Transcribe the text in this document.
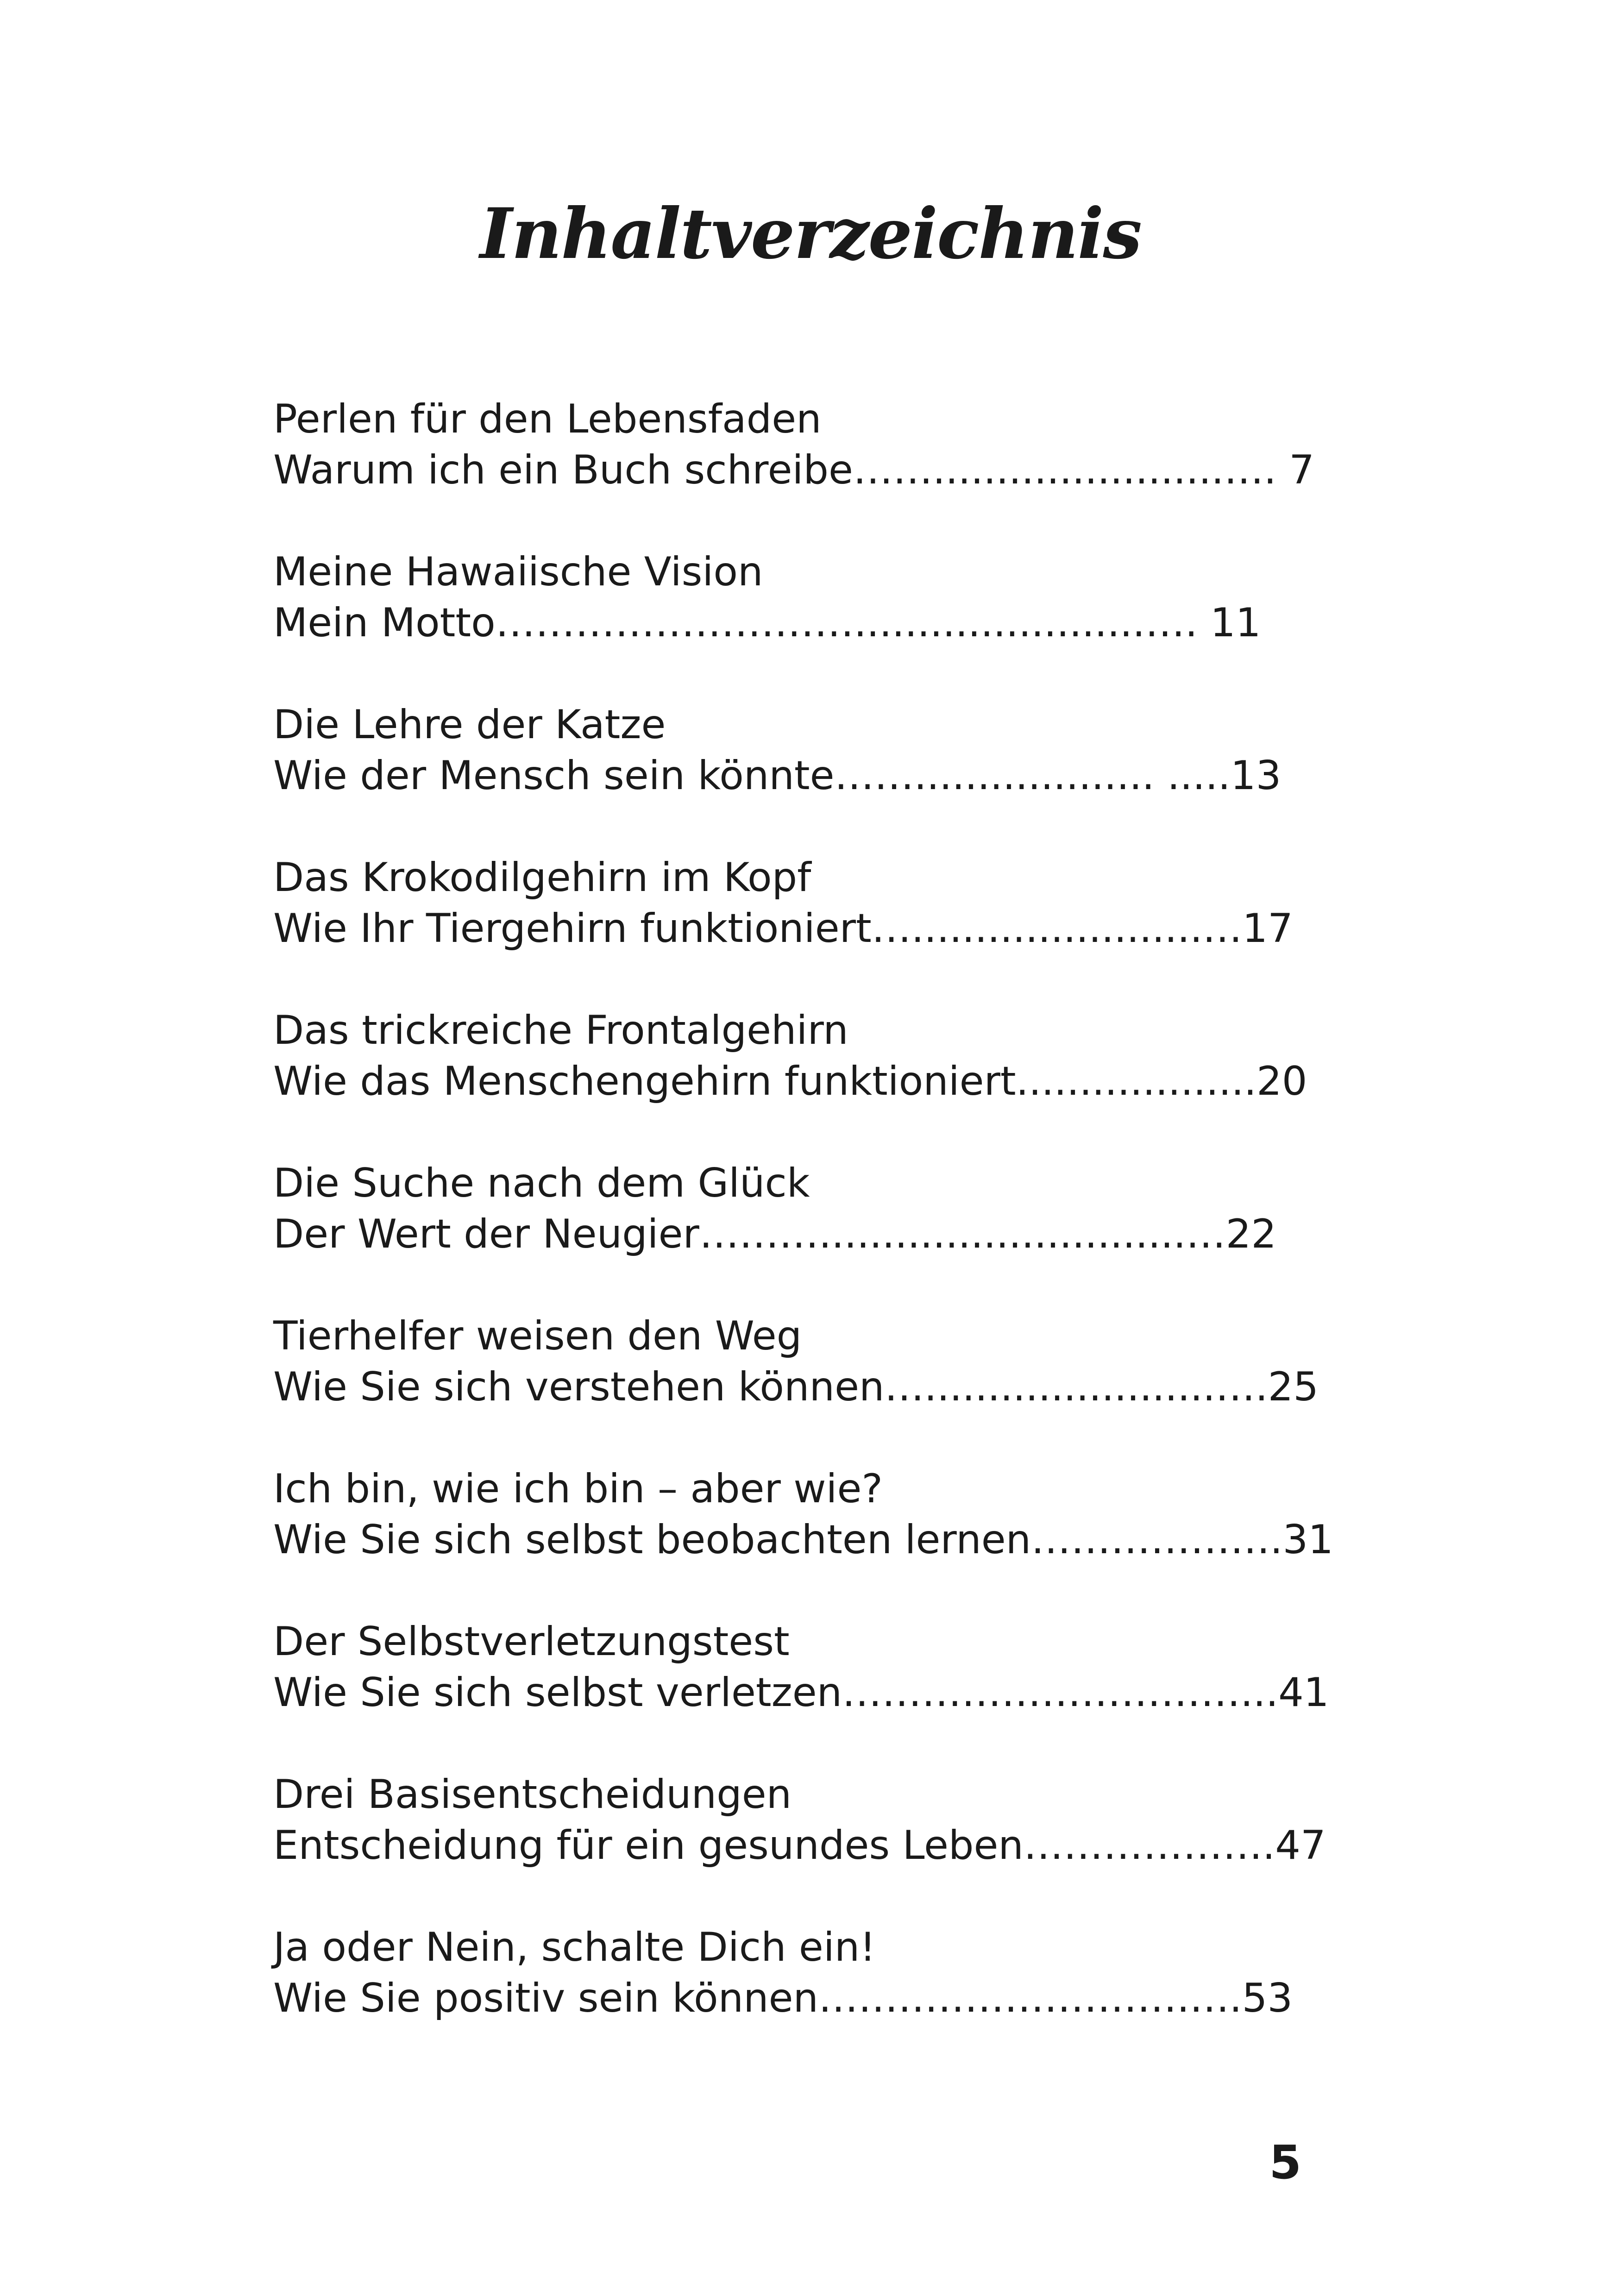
Inhaltverzeichnis
Perlen für den Lebensfaden
Warum ich ein Buch schreibe…….......................…. 7
Meine Hawaiische Vision
Mein Motto……………………….......................…. 11
Die Lehre der Katze
Wie der Mensch sein könnte……................... .....13
Das Krokodilgehirn im Kopf
Wie Ihr Tiergehirn funktioniert….......................…17
Das trickreiche Frontalgehirn
Wie das Menschengehirn funktioniert...................20
Die Suche nach dem Glück
Der Wert der Neugier……….............................…22
Tierhelfer weisen den Weg
Wie Sie sich verstehen können….......................….25
Ich bin, wie ich bin – aber wie?
Wie Sie sich selbst beobachten lernen……………….31
Der Selbstverletzungstest
Wie Sie sich selbst verletzen…………………………...41
Drei Basisentscheidungen
Entscheidung für ein gesundes Leben……………….47
Ja oder Nein, schalte Dich ein!
Wie Sie positiv sein können……………………….….53
5
